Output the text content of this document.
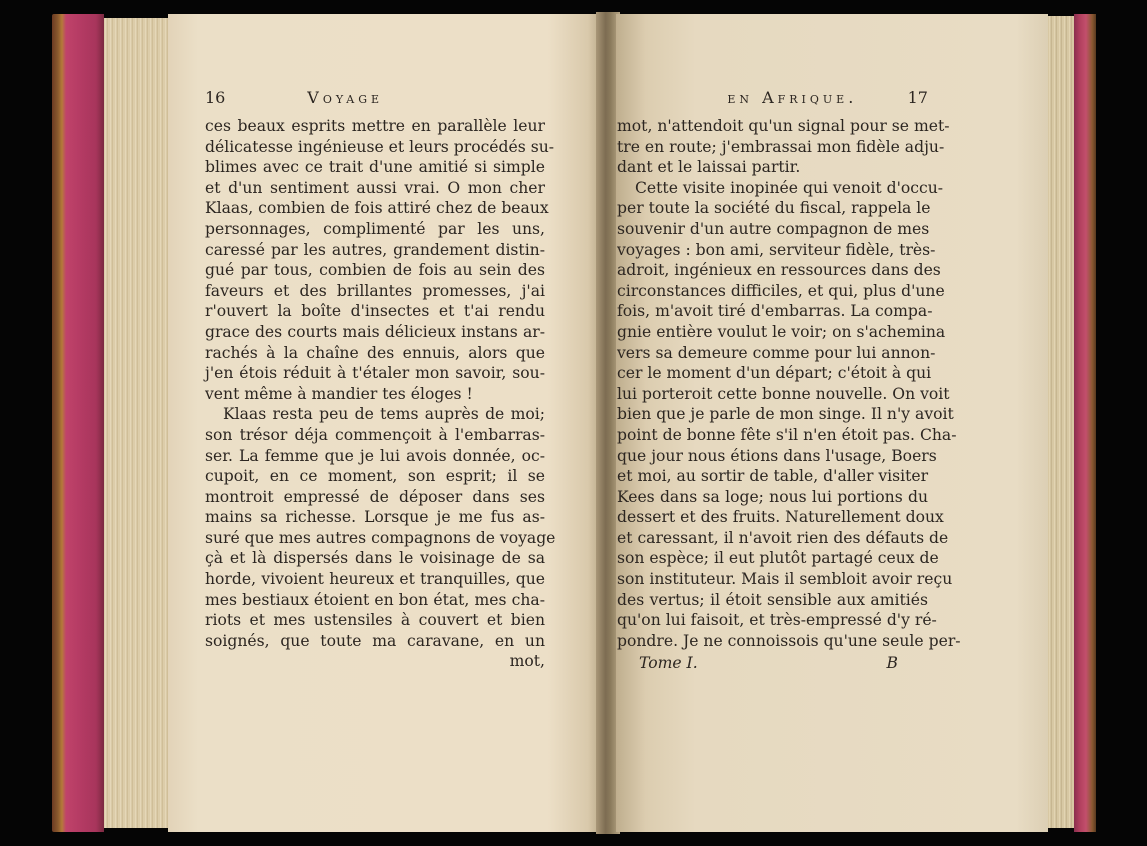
16	Voyage
ces beaux esprits mettre en parallèle leur
délicatesse ingénieuse et leurs procédés su-
blimes avec ce trait d'une amitié si simple
et d'un sentiment aussi vrai. O mon cher
Klaas, combien de fois attiré chez de beaux
personnages, complimenté par les uns,
caressé par les autres, grandement distin-
gué par tous, combien de fois au sein des
faveurs et des brillantes promesses, j'ai
r'ouvert la boîte d'insectes et t'ai rendu
grace des courts mais délicieux instans ar-
rachés à la chaîne des ennuis, alors que
j'en étois réduit à t'étaler mon savoir, sou-
vent même à mandier tes éloges !
Klaas resta peu de tems auprès de moi;
son trésor déja commençoit à l'embarras-
ser. La femme que je lui avois donnée, oc-
cupoit, en ce moment, son esprit; il se
montroit empressé de déposer dans ses
mains sa richesse. Lorsque je me fus as-
suré que mes autres compagnons de voyage
çà et là dispersés dans le voisinage de sa
horde, vivoient heureux et tranquilles, que
mes bestiaux étoient en bon état, mes cha-
riots et mes ustensiles à couvert et bien
soignés, que toute ma caravane, en un
mot,
en Afrique.	17
mot, n'attendoit qu'un signal pour se met-
tre en route; j'embrassai mon fidèle adju-
dant et le laissai partir.
Cette visite inopinée qui venoit d'occu-
per toute la société du fiscal, rappela le
souvenir d'un autre compagnon de mes
voyages : bon ami, serviteur fidèle, très-
adroit, ingénieux en ressources dans des
circonstances difficiles, et qui, plus d'une
fois, m'avoit tiré d'embarras. La compa-
gnie entière voulut le voir; on s'achemina
vers sa demeure comme pour lui annon-
cer le moment d'un départ; c'étoit à qui
lui porteroit cette bonne nouvelle. On voit
bien que je parle de mon singe. Il n'y avoit
point de bonne fête s'il n'en étoit pas. Cha-
que jour nous étions dans l'usage, Boers
et moi, au sortir de table, d'aller visiter
Kees dans sa loge; nous lui portions du
dessert et des fruits. Naturellement doux
et caressant, il n'avoit rien des défauts de
son espèce; il eut plutôt partagé ceux de
son instituteur. Mais il sembloit avoir reçu
des vertus; il étoit sensible aux amitiés
qu'on lui faisoit, et très-empressé d'y ré-
pondre. Je ne connoissois qu'une seule per-
Tome I.	B
